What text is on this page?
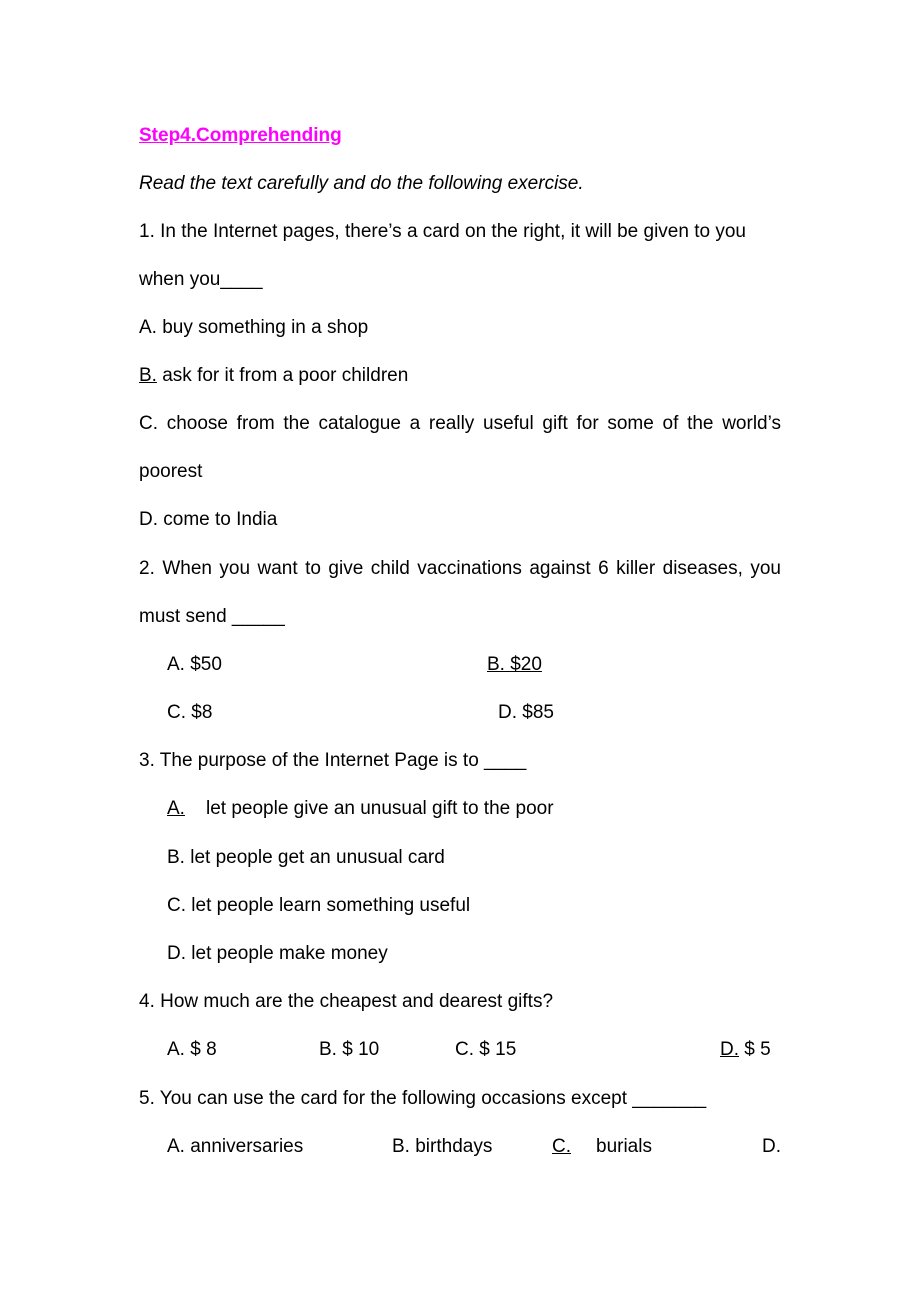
Step4.Comprehending
Read the text carefully and do the following exercise.
1. In the Internet pages, there’s a card on the right, it will be given to you
when you____
A. buy something in a shop
B. ask for it from a poor children
C. choose from the catalogue a really useful gift for some of the world’s
poorest
D. come to India
2. When you want to give child vaccinations against 6 killer diseases, you
must send _____
A. $50	B. $20
C. $8	D. $85
3. The purpose of the Internet Page is to ____
A. let people give an unusual gift to the poor
B. let people get an unusual card
C. let people learn something useful
D. let people make money
4. How much are the cheapest and dearest gifts?
A. $ 8	B. $ 10	C. $ 15	D. $ 5
5. You can use the card for the following occasions except _______
A. anniversaries	B. birthdays	C. burials	D.
